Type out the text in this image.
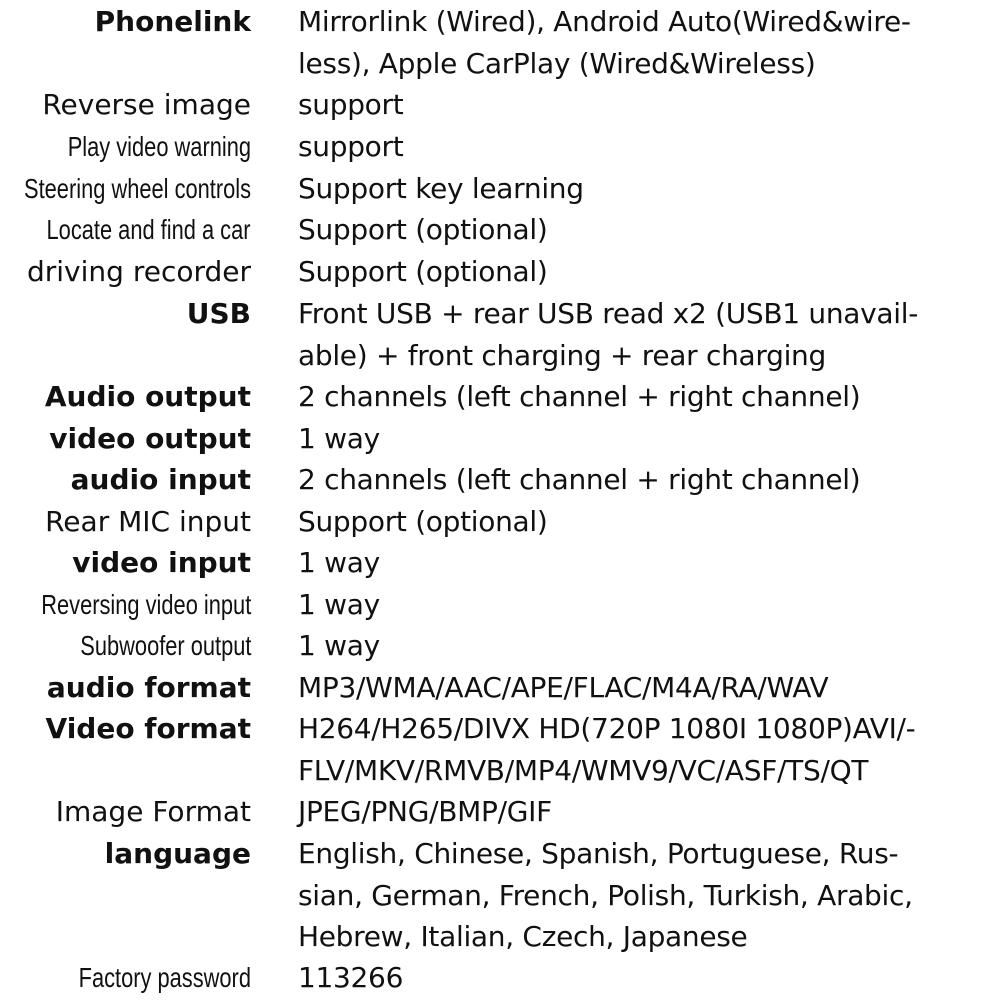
Phonelink Mirrorlink (Wired), Android Auto(Wired&wire-
less), Apple CarPlay (Wired&Wireless)
Reverse image support
Play video warning support
Steering wheel controls Support key learning
Locate and find a car Support (optional)
driving recorder Support (optional)
USB Front USB + rear USB read x2 (USB1 unavail-
able) + front charging + rear charging
Audio output 2 channels (left channel + right channel)
video output 1 way
audio input 2 channels (left channel + right channel)
Rear MIC input Support (optional)
video input 1 way
Reversing video input 1 way
Subwoofer output 1 way
audio format MP3/WMA/AAC/APE/FLAC/M4A/RA/WAV
Video format H264/H265/DIVX HD(720P 1080I 1080P)AVI/-
FLV/MKV/RMVB/MP4/WMV9/VC/ASF/TS/QT
Image Format JPEG/PNG/BMP/GIF
language English, Chinese, Spanish, Portuguese, Rus-
sian, German, French, Polish, Turkish, Arabic,
Hebrew, Italian, Czech, Japanese
Factory password 113266
